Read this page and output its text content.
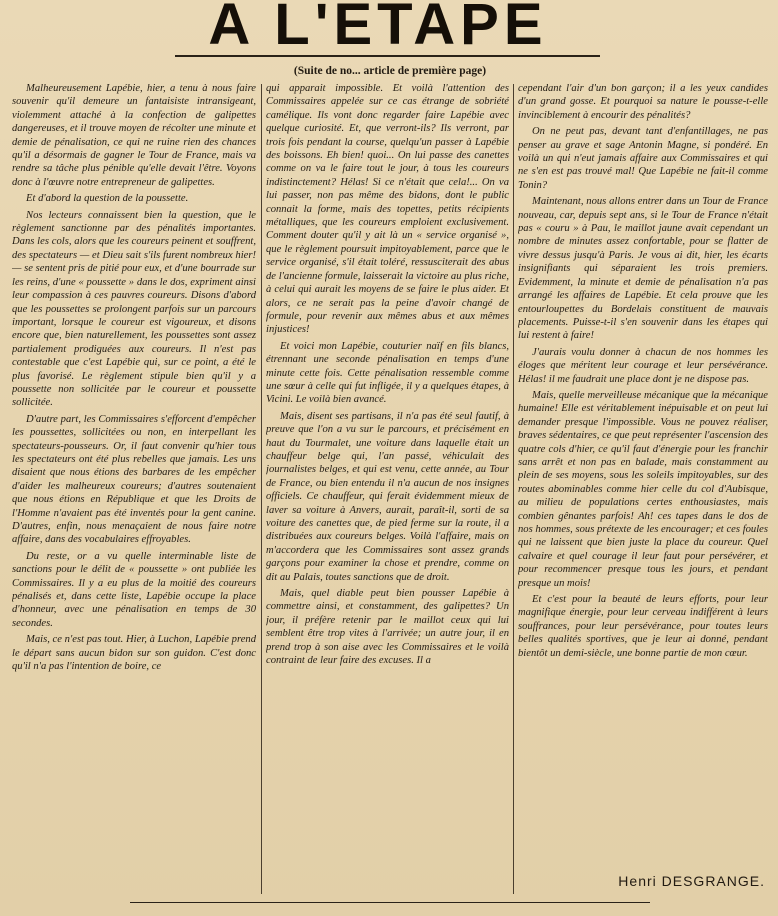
A L'ETAPE
(Suite de no... article de première page)

Malheureusement Lapébie, hier, a tenu à nous faire souvenir qu'il demeure un fantaisiste intransigeant, violemment attaché à la confection de galipettes dangereuses, et il trouve moyen de récolter une minute et demie de pénalisation, ce qui ne ruine rien des chances qu'il a désormais de gagner le Tour de France, mais va rendre sa tâche plus pénible qu'elle devait l'être. Voyons donc à l'œuvre notre entrepreneur de galipettes.

Et d'abord la question de la poussette.

Nos lecteurs connaissent bien la question, que le règlement sanctionne par des pénalités importantes. Dans les cols, alors que les coureurs peinent et souffrent, des spectateurs — et Dieu sait s'ils furent nombreux hier! — se sentent pris de pitié pour eux, et d'une bourrade sur les reins, d'une « poussette » dans le dos, expriment ainsi leur compassion à ces pauvres coureurs. Disons d'abord que les poussettes se prolongent parfois sur un parcours important, lorsque le coureur est vigoureux, et disons encore que, bien naturellement, les poussettes sont assez partialement prodiguées aux coureurs. Il n'est pas contestable que c'est Lapébie qui, sur ce point, a été le plus favorisé. Le règlement stipule bien qu'il y a poussette non sollicitée par le coureur et poussette sollicitée.

D'autre part, les Commissaires s'efforcent d'empêcher les poussettes, sollicitées ou non, en interpellant les spectateurs-pousseurs. Or, il faut convenir qu'hier tous les spectateurs ont été plus rebelles que jamais. Les uns disaient que nous étions des barbares de les empêcher d'aider les malheureux coureurs; d'autres soutenaient que nous étions en République et que les Droits de l'Homme n'avaient pas été inventés pour la gent canine. D'autres, enfin, nous menaçaient de nous faire notre affaire, dans des vocabulaires effroyables.

Du reste, or a vu quelle interminable liste de sanctions pour le délit de « poussette » ont publiée les Commissaires. Il y a eu plus de la moitié des coureurs pénalisés et, dans cette liste, Lapébie occupe la place d'honneur, avec une pénalisation en temps de 30 secondes.

Mais, ce n'est pas tout. Hier, à Luchon, Lapébie prend le départ sans aucun bidon sur son guidon. C'est donc qu'il n'a pas l'intention de boire, ce

qui apparait impossible. Et voilà l'attention des Commissaires appelée sur ce cas étrange de sobriété camélique. Ils vont donc regarder faire Lapébie avec quelque curiosité. Et, que verront-ils? Ils verront, par trois fois pendant la course, quelqu'un passer à Lapébie des boissons. Eh bien! quoi... On lui passe des canettes comme on va le faire tout le jour, à tous les coureurs indistinctement? Hélas! Si ce n'était que cela!... On va lui passer, non pas même des bidons, dont le public connait la forme, mais des topettes, petits récipients métalliques, que les coureurs emploient exclusivement. Comment douter qu'il y ait là un « service organisé », que le règlement poursuit impitoyablement, parce que le service organisé, s'il était toléré, ressusciterait des abus de l'ancienne formule, laisserait la victoire au plus riche, à celui qui aurait les moyens de se faire le plus aider. Et alors, ce ne serait pas la peine d'avoir changé de formule, pour revenir aux mêmes abus et aux mêmes injustices!

Et voici mon Lapébie, couturier naïf en fils blancs, étrennant une seconde pénalisation en temps d'une minute cette fois. Cette pénalisation ressemble comme une sœur à celle qui fut infligée, il y a quelques étapes, à Vicini. Le voilà bien avancé.

Mais, disent ses partisans, il n'a pas été seul fautif, à preuve que l'on a vu sur le parcours, et précisément en haut du Tourmalet, une voiture dans laquelle était un chauffeur belge qui, l'an passé, véhiculait des journalistes belges, et qui est venu, cette année, au Tour de France, ou bien entendu il n'a aucun de nos insignes officiels. Ce chauffeur, qui ferait évidemment mieux de laver sa voiture à Anvers, aurait, paraît-il, sorti de sa voiture des canettes que, de pied ferme sur la route, il a distribuées aux coureurs belges. Voilà l'affaire, mais on m'accordera que les Commissaires sont assez grands garçons pour examiner la chose et prendre, comme on dit au Palais, toutes sanctions que de droit.

Mais, quel diable peut bien pousser Lapébie à commettre ainsi, et constamment, des galipettes? Un jour, il préfère retenir par le maillot ceux qui lui semblent être trop vites à l'arrivée; un autre jour, il en prend trop à son aise avec les Commissaires et le voilà contraint de leur faire des excuses. Il a

cependant l'air d'un bon garçon; il a les yeux candides d'un grand gosse. Et pourquoi sa nature le pousse-t-elle invinciblement à encourir des pénalités?

On ne peut pas, devant tant d'enfantillages, ne pas penser au grave et sage Antonin Magne, si pondéré. En voilà un qui n'eut jamais affaire aux Commissaires et qui ne s'en est pas trouvé mal! Que Lapébie ne fait-il comme Tonin?

Maintenant, nous allons entrer dans un Tour de France nouveau, car, depuis sept ans, si le Tour de France n'était pas « couru » à Pau, le maillot jaune avait cependant un nombre de minutes assez confortable, pour se flatter de vivre dessus jusqu'à Paris. Je vous ai dit, hier, les écarts insignifiants qui séparaient les trois premiers. Evidemment, la minute et demie de pénalisation n'a pas arrangé les affaires de Lapébie. Et cela prouve que les entourloupettes du Bordelais constituent de mauvais placements. Puisse-t-il s'en souvenir dans les étapes qui lui restent à faire!

J'aurais voulu donner à chacun de nos hommes les éloges que méritent leur courage et leur persévérance. Hélas! il me faudrait une place dont je ne dispose pas.

Mais, quelle merveilleuse mécanique que la mécanique humaine! Elle est véritablement inépuisable et on peut lui demander presque l'impossible. Vous ne pouvez réaliser, braves sédentaires, ce que peut représenter l'ascension des quatre cols d'hier, ce qu'il faut d'énergie pour les franchir sans arrêt et non pas en balade, mais constamment au plein de ses moyens, sous les soleils impitoyables, sur des routes abominables comme hier celle du col d'Aubisque, au milieu de populations certes enthousiastes, mais combien gênantes parfois! Ah! ces tapes dans le dos de nos hommes, sous prétexte de les encourager; et ces foules qui ne laissent que bien juste la place du coureur. Quel calvaire et quel courage il leur faut pour persévérer, et pour recommencer presque tous les jours, et pendant presque un mois!

Et c'est pour la beauté de leurs efforts, pour leur magnifique énergie, pour leur cerveau indifférent à leurs souffrances, pour leur persévérance, pour toutes leurs belles qualités sportives, que je leur ai donné, pendant bientôt un demi-siècle, une bonne partie de mon cœur.

Henri DESGRANGE.
